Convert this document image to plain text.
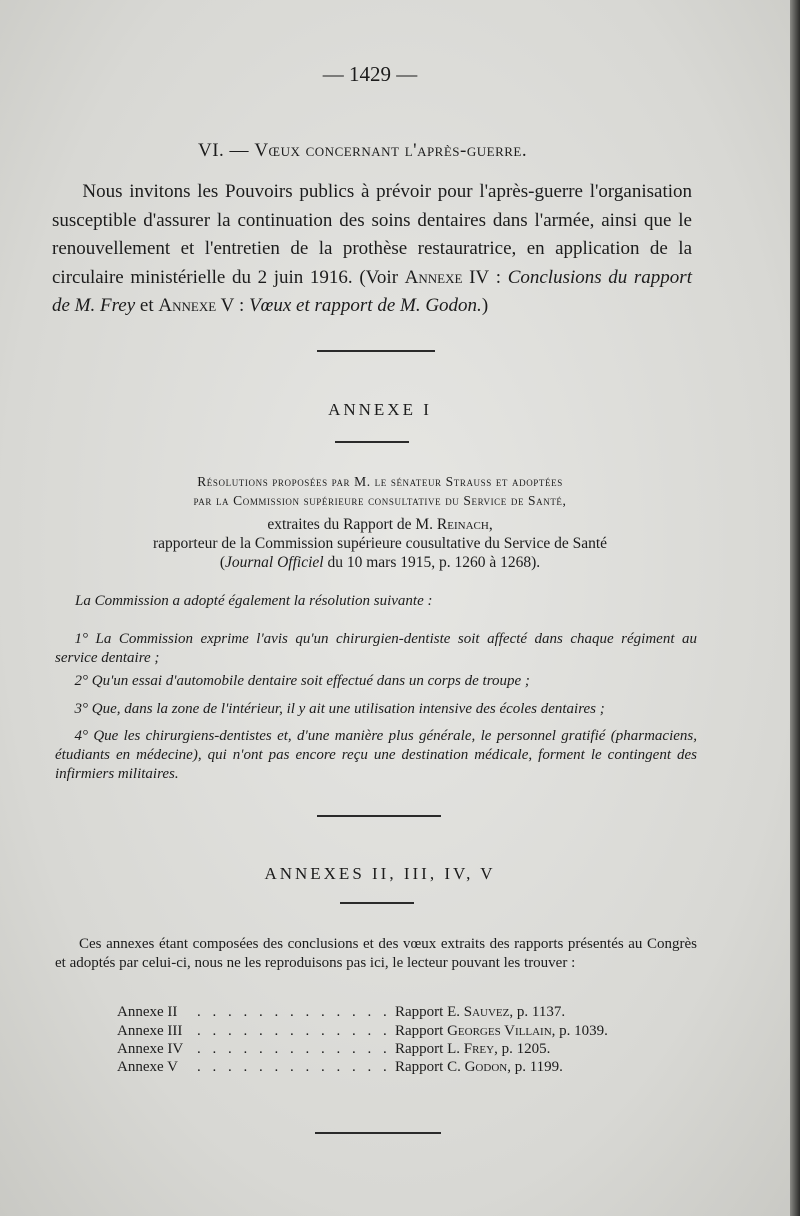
— 1429 —
VI. — Vœux concernant l'après-guerre.
Nous invitons les Pouvoirs publics à prévoir pour l'après-guerre l'organisation susceptible d'assurer la continuation des soins dentaires dans l'armée, ainsi que le renouvellement et l'entretien de la prothèse restauratrice, en application de la circulaire ministérielle du 2 juin 1916. (Voir Annexe IV : Conclusions du rapport de M. Frey et Annexe V : Vœux et rapport de M. Godon.)
ANNEXE I
Résolutions proposées par M. le sénateur Strauss et adoptées
par la Commission supérieure consultative du Service de Santé,
extraites du Rapport de M. Reinach,
rapporteur de la Commission supérieure cousultative du Service de Santé
(Journal Officiel du 10 mars 1915, p. 1260 à 1268).
La Commission a adopté également la résolution suivante :
1° La Commission exprime l'avis qu'un chirurgien-dentiste soit affecté dans chaque régiment au service dentaire ;
2° Qu'un essai d'automobile dentaire soit effectué dans un corps de troupe ;
3° Que, dans la zone de l'intérieur, il y ait une utilisation intensive des écoles dentaires ;
4° Que les chirurgiens-dentistes et, d'une manière plus générale, le personnel gratifié (pharmaciens, étudiants en médecine), qui n'ont pas encore reçu une destination médicale, forment le contingent des infirmiers militaires.
ANNEXES II, III, IV, V
Ces annexes étant composées des conclusions et des vœux extraits des rapports présentés au Congrès et adoptés par celui-ci, nous ne les reproduisons pas ici, le lecteur pouvant les trouver :
Annexe II . . . . . . . . . . . . . Rapport E. Sauvez, p. 1137.
Annexe III . . . . . . . . . . . . . Rapport Georges Villain, p. 1039.
Annexe IV . . . . . . . . . . . . . Rapport L. Frey, p. 1205.
Annexe V . . . . . . . . . . . . . Rapport C. Godon, p. 1199.
